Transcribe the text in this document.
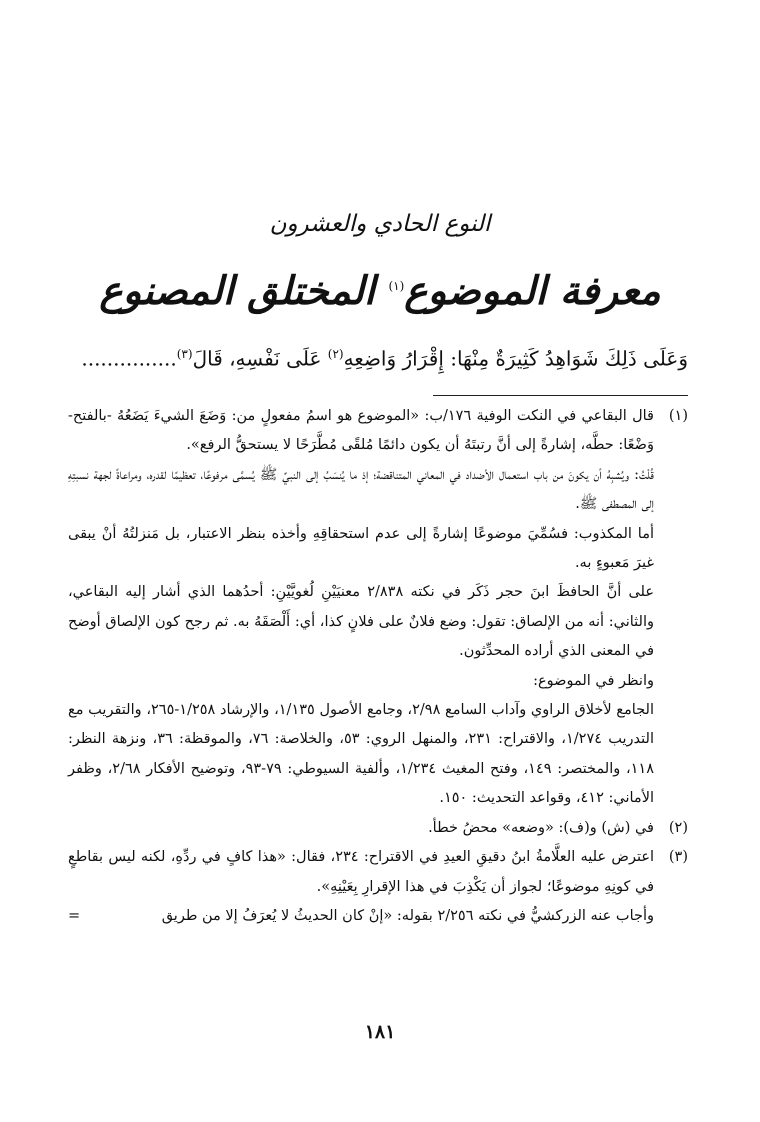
النوع الحادي والعشرون
معرفة الموضوع$^{(١)}$ المختلق المصنوع
وَعَلَى ذَلِكَ شَوَاهِدُ كَثِيرَةٌ مِنْهَا: إِقْرَارُ وَاضِعِهِ$^{(٢)}$ عَلَى نَفْسِهِ، قَالَ$^{(٣)}$...............
(١)
قال البقاعي في النكت الوفية ١٧٦/ب: «الموضوع هو اسمُ مفعولٍ من: وَضَعَ الشيءَ يَضَعُهُ -بالفتح- وَضْعًا: حطَّه، إشارةً إلى أنَّ رتبتَهُ أن يكون دائمًا مُلقًى مُطَّرَحًا لا يستحقُّ الرفع».
قُلْتُ: ويُشبِهُ أن يكونَ من باب استعمال الأضداد في المعاني المتناقضة؛ إذ ما يُنسَبُ إلى النبيِّ ﷺ يُسمَّى مرفوعًا، تعظيمًا لقدره، ومراعاةً لجهة نسبتِهِ إلى المصطفى ﷺ.
أما المكذوب: فسُمِّيَ موضوعًا إشارةً إلى عدم استحقاقِهِ وأخذه بنظر الاعتبار، بل مَنزلتُهُ أنْ يبقى غيرَ مَعبوءٍ به.
على أنَّ الحافظَ ابنَ حجر ذَكَر في نكته ٢/٨٣٨ معنيَيْنِ لُغويَّيْنِ: أحدُهما الذي أشار إليه البقاعي، والثاني: أنه من الإلصاق: تقول: وضع فلانٌ على فلانٍ كذا، أي: أَلْصَقَهُ به. ثم رجح كون الإلصاق أوضح في المعنى الذي أراده المحدِّثون.
وانظر في الموضوع:
الجامع لأخلاق الراوي وآداب السامع ٢/٩٨، وجامع الأصول ١/١٣٥، والإرشاد ١/٢٥٨-٢٦٥، والتقريب مع التدريب ١/٢٧٤، والاقتراح: ٢٣١، والمنهل الروي: ٥٣، والخلاصة: ٧٦، والموقظة: ٣٦، ونزهة النظر: ١١٨، والمختصر: ١٤٩، وفتح المغيث ١/٢٣٤، وألفية السيوطي: ٧٩-٩٣، وتوضيح الأفكار ٢/٦٨، وظفر الأماني: ٤١٢، وقواعد التحديث: ١٥٠.
(٢)
في (ش) و(ف): «وضعه» محضُ خطأ.
(٣)
اعترض عليه العلَّامةُ ابنُ دقيقِ العيدِ في الاقتراح: ٢٣٤، فقال: «هذا كافٍ في ردِّهِ، لكنه ليس بقاطعٍ في كونِهِ موضوعًا؛ لجواز أن يَكْذِبَ في هذا الإقرارِ بِعَيْنِهِ».
وأجاب عنه الزركشيُّ في نكته ٢/٢٥٦ بقوله: «إنْ كان الحديثُ لا يُعرَفُ إلا من طريق
=
١٨١
